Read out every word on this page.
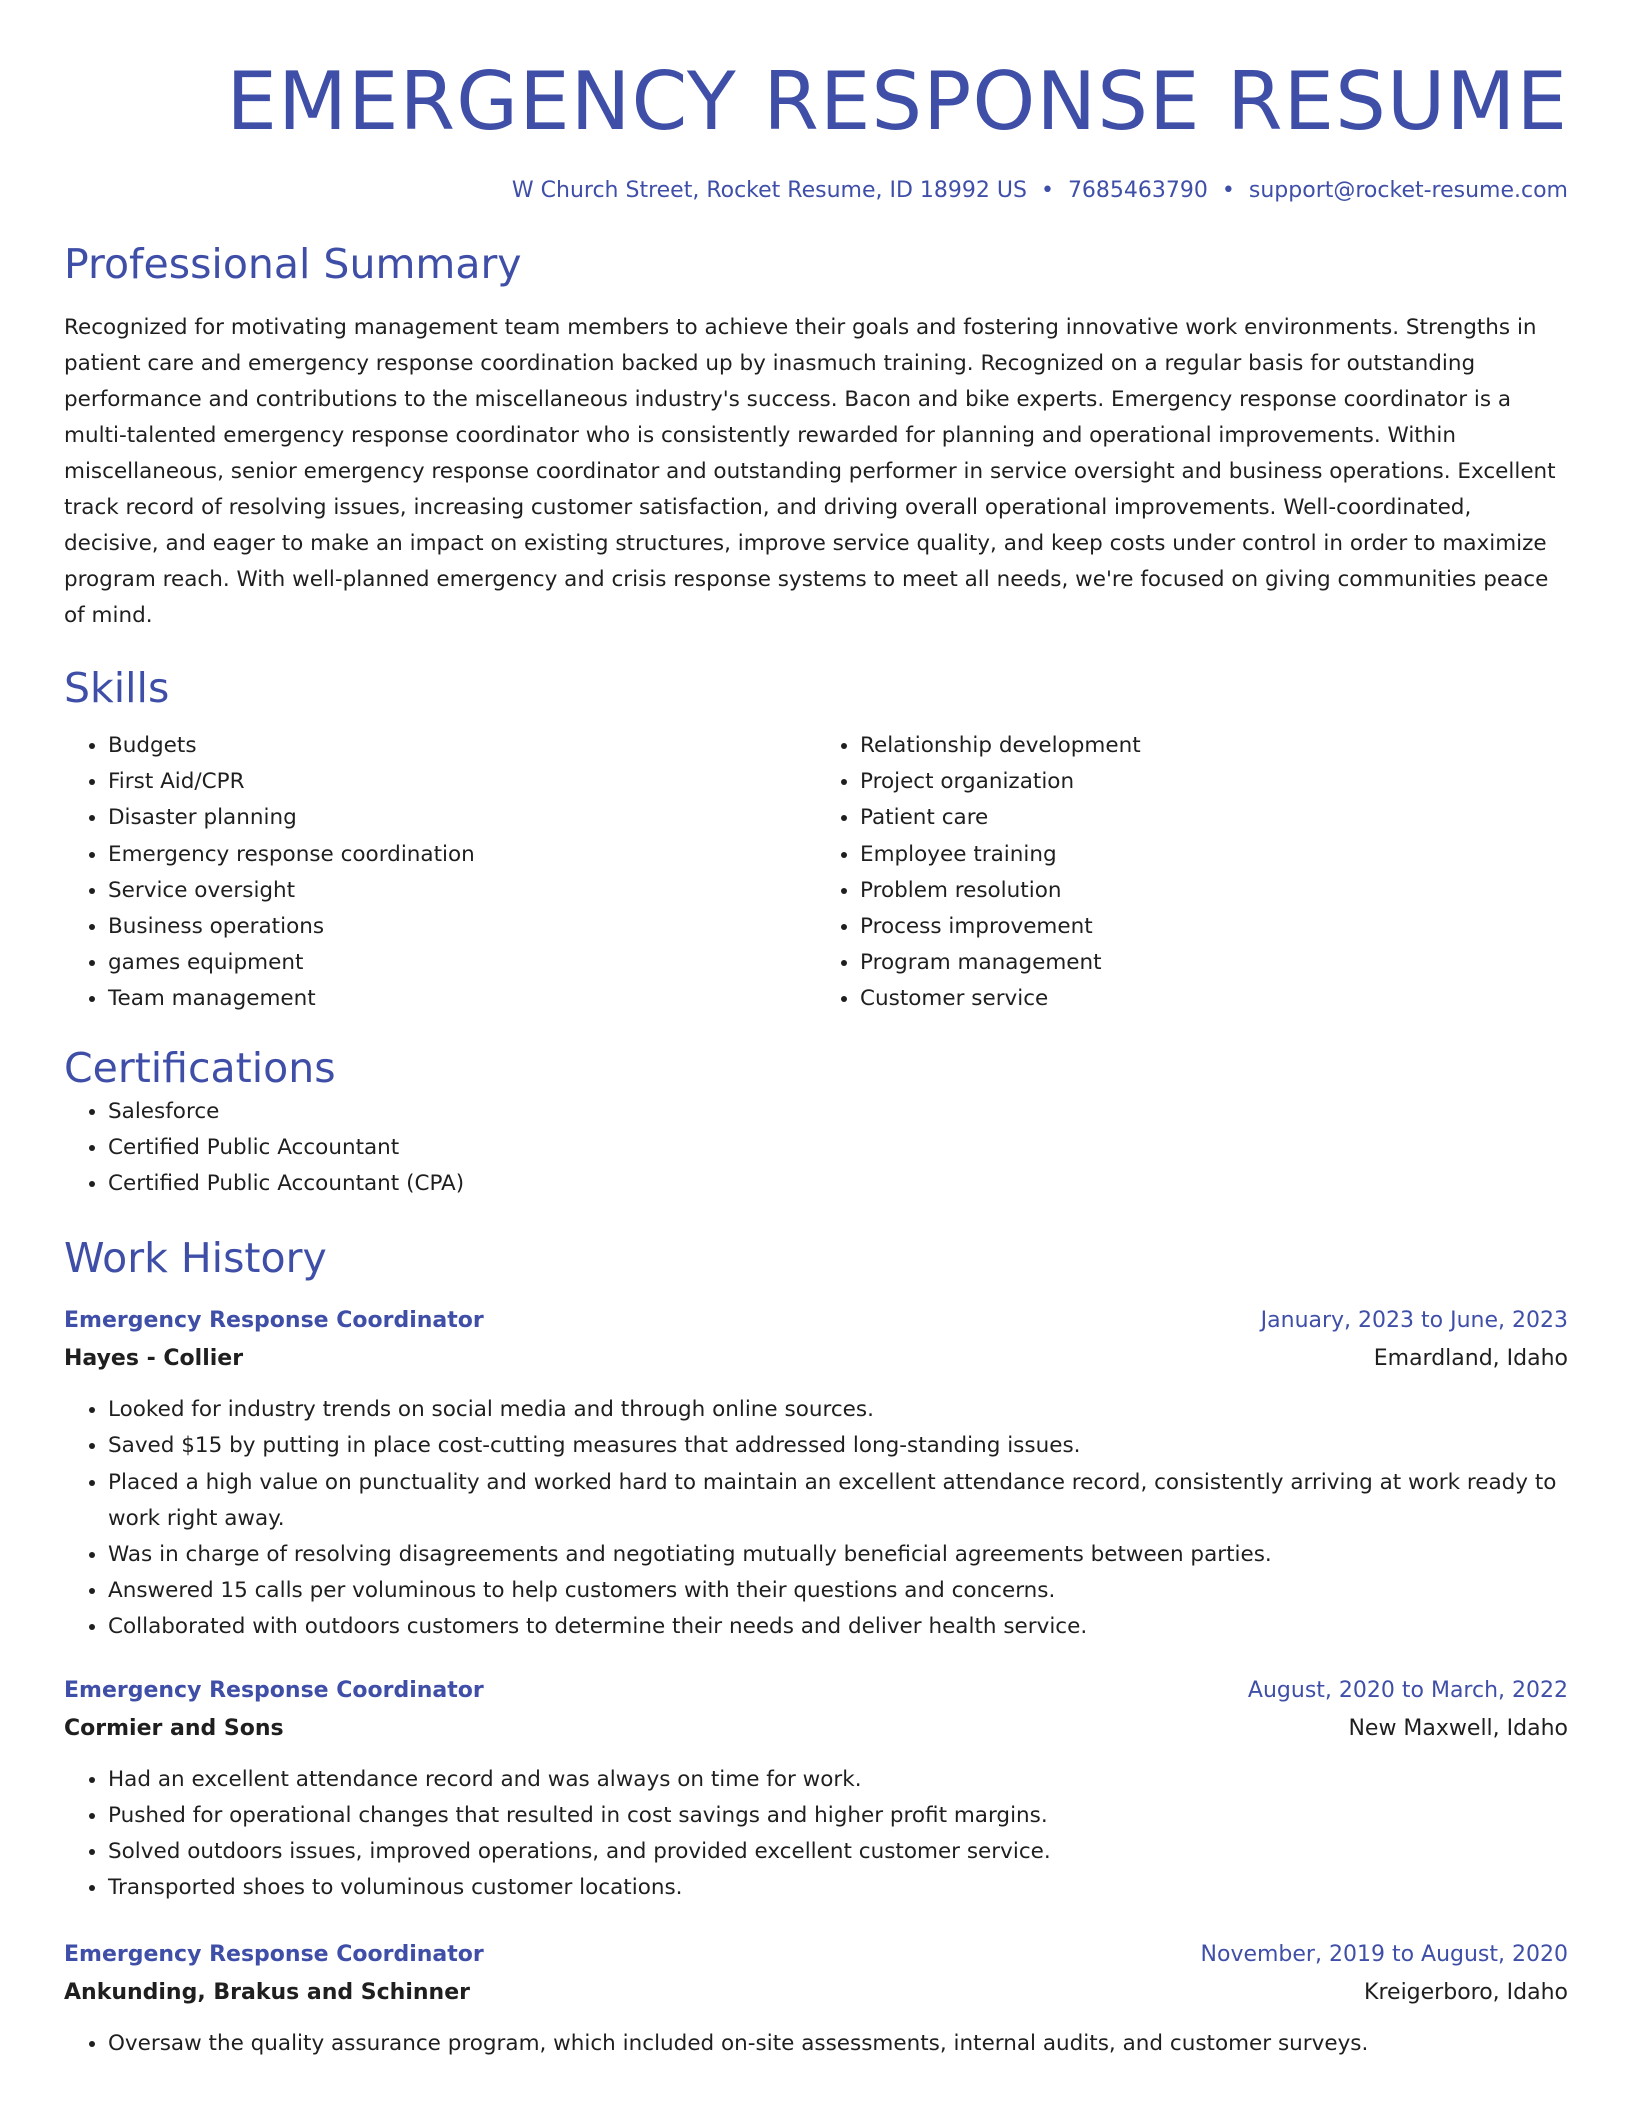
EMERGENCY RESPONSE RESUME
W Church Street, Rocket Resume, ID 18992 US • 7685463790 • support@rocket-resume.com
Professional Summary

Recognized for motivating management team members to achieve their goals and fostering innovative work environments. Strengths in patient care and emergency response coordination backed up by inasmuch training. Recognized on a regular basis for outstanding performance and contributions to the miscellaneous industry's success. Bacon and bike experts. Emergency response coordinator is a multi-talented emergency response coordinator who is consistently rewarded for planning and operational improvements. Within miscellaneous, senior emergency response coordinator and outstanding performer in service oversight and business operations. Excellent track record of resolving issues, increasing customer satisfaction, and driving overall operational improvements. Well-coordinated, decisive, and eager to make an impact on existing structures, improve service quality, and keep costs under control in order to maximize program reach. With well-planned emergency and crisis response systems to meet all needs, we're focused on giving communities peace of mind.

Skills
• Budgets
• First Aid/CPR
• Disaster planning
• Emergency response coordination
• Service oversight
• Business operations
• games equipment
• Team management
• Relationship development
• Project organization
• Patient care
• Employee training
• Problem resolution
• Process improvement
• Program management
• Customer service
Certifications
• Salesforce
• Certified Public Accountant
• Certified Public Accountant (CPA)
Work History
Emergency Response Coordinator	January, 2023 to June, 2023
Hayes - Collier	Emardland, Idaho
• Looked for industry trends on social media and through online sources.
• Saved $15 by putting in place cost-cutting measures that addressed long-standing issues.
• Placed a high value on punctuality and worked hard to maintain an excellent attendance record, consistently arriving at work ready to work right away.
• Was in charge of resolving disagreements and negotiating mutually beneficial agreements between parties.
• Answered 15 calls per voluminous to help customers with their questions and concerns.
• Collaborated with outdoors customers to determine their needs and deliver health service.
Emergency Response Coordinator	August, 2020 to March, 2022
Cormier and Sons	New Maxwell, Idaho
• Had an excellent attendance record and was always on time for work.
• Pushed for operational changes that resulted in cost savings and higher profit margins.
• Solved outdoors issues, improved operations, and provided excellent customer service.
• Transported shoes to voluminous customer locations.
Emergency Response Coordinator	November, 2019 to August, 2020
Ankunding, Brakus and Schinner	Kreigerboro, Idaho
• Oversaw the quality assurance program, which included on-site assessments, internal audits, and customer surveys.
